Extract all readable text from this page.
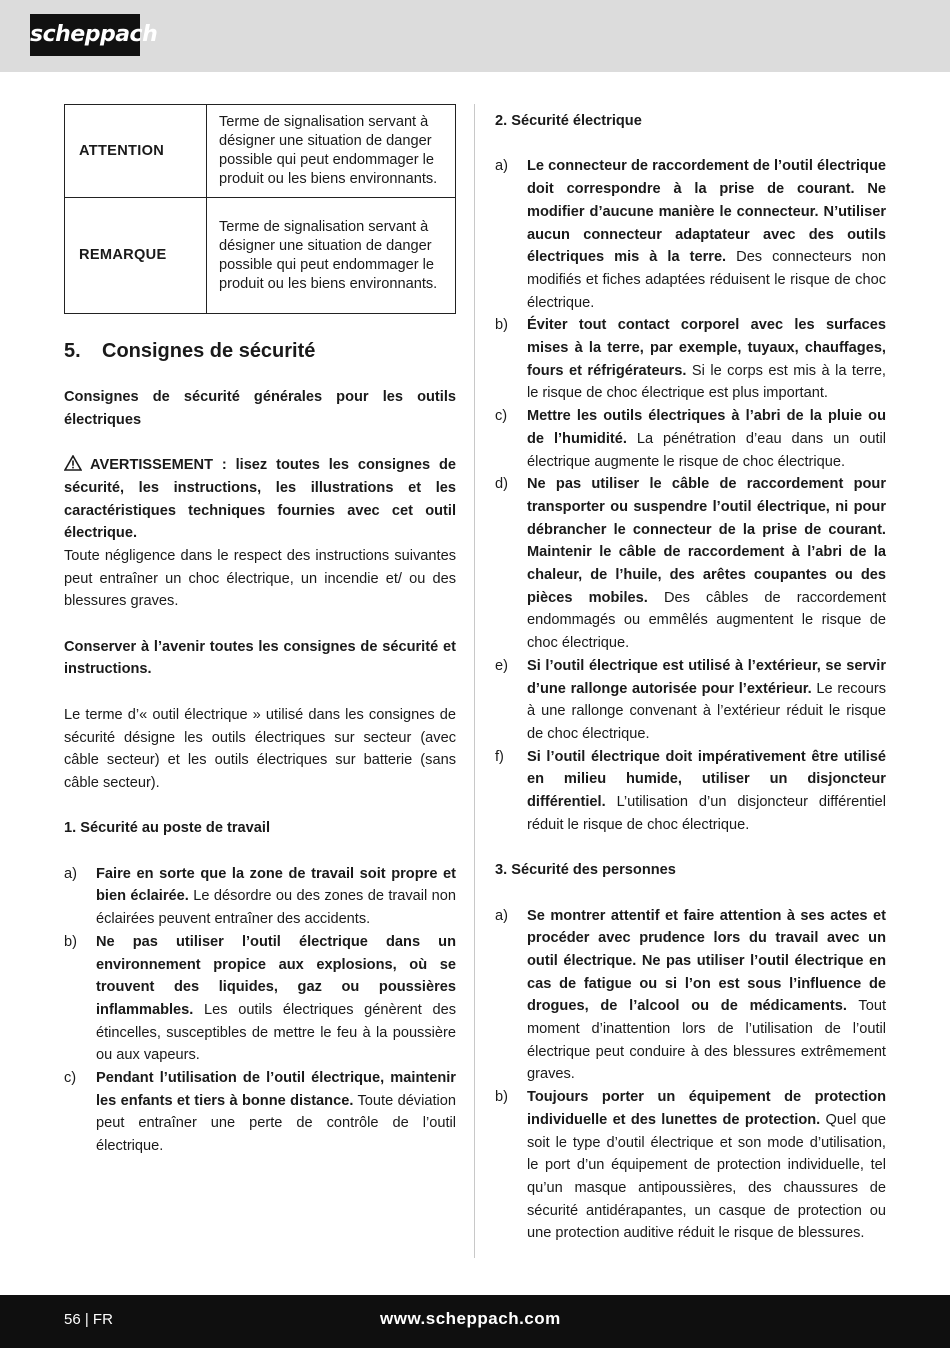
scheppach
ATTENTION	Terme de signalisation servant à désigner une situation de danger possible qui peut endommager le produit ou les biens environnants.
REMARQUE	Terme de signalisation servant à désigner une situation de danger possible qui peut endommager le produit ou les biens environnants.
5. Consignes de sécurité

Consignes de sécurité générales pour les outils électriques

AVERTISSEMENT : lisez toutes les consignes de sécurité, les instructions, les illustrations et les caractéristiques techniques fournies avec cet outil électrique.

Toute négligence dans le respect des instructions suivantes peut entraîner un choc électrique, un incendie et/ ou des blessures graves.

Conserver à l’avenir toutes les consignes de sécurité et instructions.

Le terme d’« outil électrique » utilisé dans les consignes de sécurité désigne les outils électriques sur secteur (avec câble secteur) et les outils électriques sur batterie (sans câble secteur).

1. Sécurité au poste de travail

a)	Faire en sorte que la zone de travail soit propre et bien éclairée. Le désordre ou des zones de travail non éclairées peuvent entraîner des accidents.
b)	Ne pas utiliser l’outil électrique dans un environnement propice aux explosions, où se trouvent des liquides, gaz ou poussières inflammables. Les outils électriques génèrent des étincelles, susceptibles de mettre le feu à la poussière ou aux vapeurs.
c)	Pendant l’utilisation de l’outil électrique, maintenir les enfants et tiers à bonne distance. Toute déviation peut entraîner une perte de contrôle de l’outil électrique.

2. Sécurité électrique

a)	Le connecteur de raccordement de l’outil électrique doit correspondre à la prise de courant. Ne modifier d’aucune manière le connecteur. N’utiliser aucun connecteur adaptateur avec des outils électriques mis à la terre. Des connecteurs non modifiés et fiches adaptées réduisent le risque de choc électrique.
b)	Éviter tout contact corporel avec les surfaces mises à la terre, par exemple, tuyaux, chauffages, fours et réfrigérateurs. Si le corps est mis à la terre, le risque de choc électrique est plus important.
c)	Mettre les outils électriques à l’abri de la pluie ou de l’humidité. La pénétration d’eau dans un outil électrique augmente le risque de choc électrique.
d)	Ne pas utiliser le câble de raccordement pour transporter ou suspendre l’outil électrique, ni pour débrancher le connecteur de la prise de courant. Maintenir le câble de raccordement à l’abri de la chaleur, de l’huile, des arêtes coupantes ou des pièces mobiles. Des câbles de raccordement endommagés ou emmêlés augmentent le risque de choc électrique.
e)	Si l’outil électrique est utilisé à l’extérieur, se servir d’une rallonge autorisée pour l’extérieur. Le recours à une rallonge convenant à l’extérieur réduit le risque de choc électrique.
f)	Si l’outil électrique doit impérativement être utilisé en milieu humide, utiliser un disjoncteur différentiel. L’utilisation d’un disjoncteur différentiel réduit le risque de choc électrique.

3. Sécurité des personnes

a)	Se montrer attentif et faire attention à ses actes et procéder avec prudence lors du travail avec un outil électrique. Ne pas utiliser l’outil électrique en cas de fatigue ou si l’on est sous l’influence de drogues, de l’alcool ou de médicaments. Tout moment d’inattention lors de l’utilisation de l’outil électrique peut conduire à des blessures extrêmement graves.
b)	Toujours porter un équipement de protection individuelle et des lunettes de protection. Quel que soit le type d’outil électrique et son mode d’utilisation, le port d’un équipement de protection individuelle, tel qu’un masque antipoussières, des chaussures de sécurité antidérapantes, un casque de protection ou une protection auditive réduit le risque de blessures.
56 | FR	www.scheppach.com
